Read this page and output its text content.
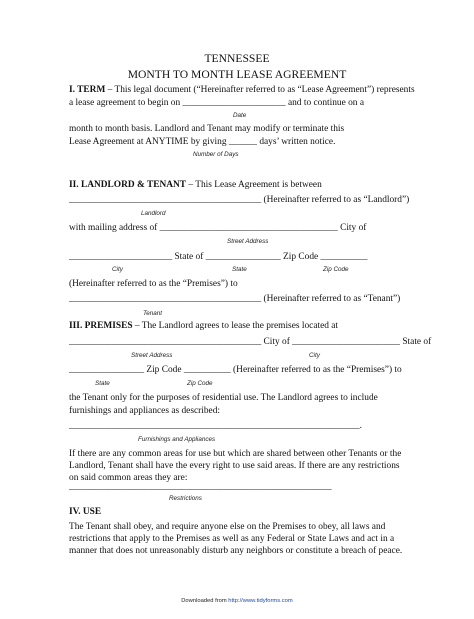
TENNESSEE
MONTH TO MONTH LEASE AGREEMENT
I. TERM – This legal document (“Hereinafter referred to as “Lease Agreement”) represents
a lease agreement to begin on ______________________ and to continue on a
Date
month to month basis. Landlord and Tenant may modify or terminate this
Lease Agreement at ANYTIME by giving ______ days’ written notice.
Number of Days
II. LANDLORD & TENANT – This Lease Agreement is between
_________________________________________ (Hereinafter referred to as “Landlord”)
Landlord
with mailing address of ______________________________________ City of
Street Address
______________________ State of ________________ Zip Code __________
City	State	Zip Code
(Hereinafter referred to as the “Premises”) to
_________________________________________ (Hereinafter referred to as “Tenant”)
Tenant
III. PREMISES – The Landlord agrees to lease the premises located at
_________________________________________ City of _______________________ State of
Street Address	City
________________ Zip Code __________ (Hereinafter referred to as the “Premises”) to
State	Zip Code
the Tenant only for the purposes of residential use. The Landlord agrees to include
furnishings and appliances as described:
______________________________________________________________.
Furnishings and Appliances
If there are any common areas for use but which are shared between other Tenants or the
Landlord, Tenant shall have the every right to use said areas. If there are any restrictions
on said common areas they are:
________________________________________________________
Restrictions
IV. USE
The Tenant shall obey, and require anyone else on the Premises to obey, all laws and
restrictions that apply to the Premises as well as any Federal or State Laws and act in a
manner that does not unreasonably disturb any neighbors or constitute a breach of peace.
Downloaded from http://www.tidyforms.com
